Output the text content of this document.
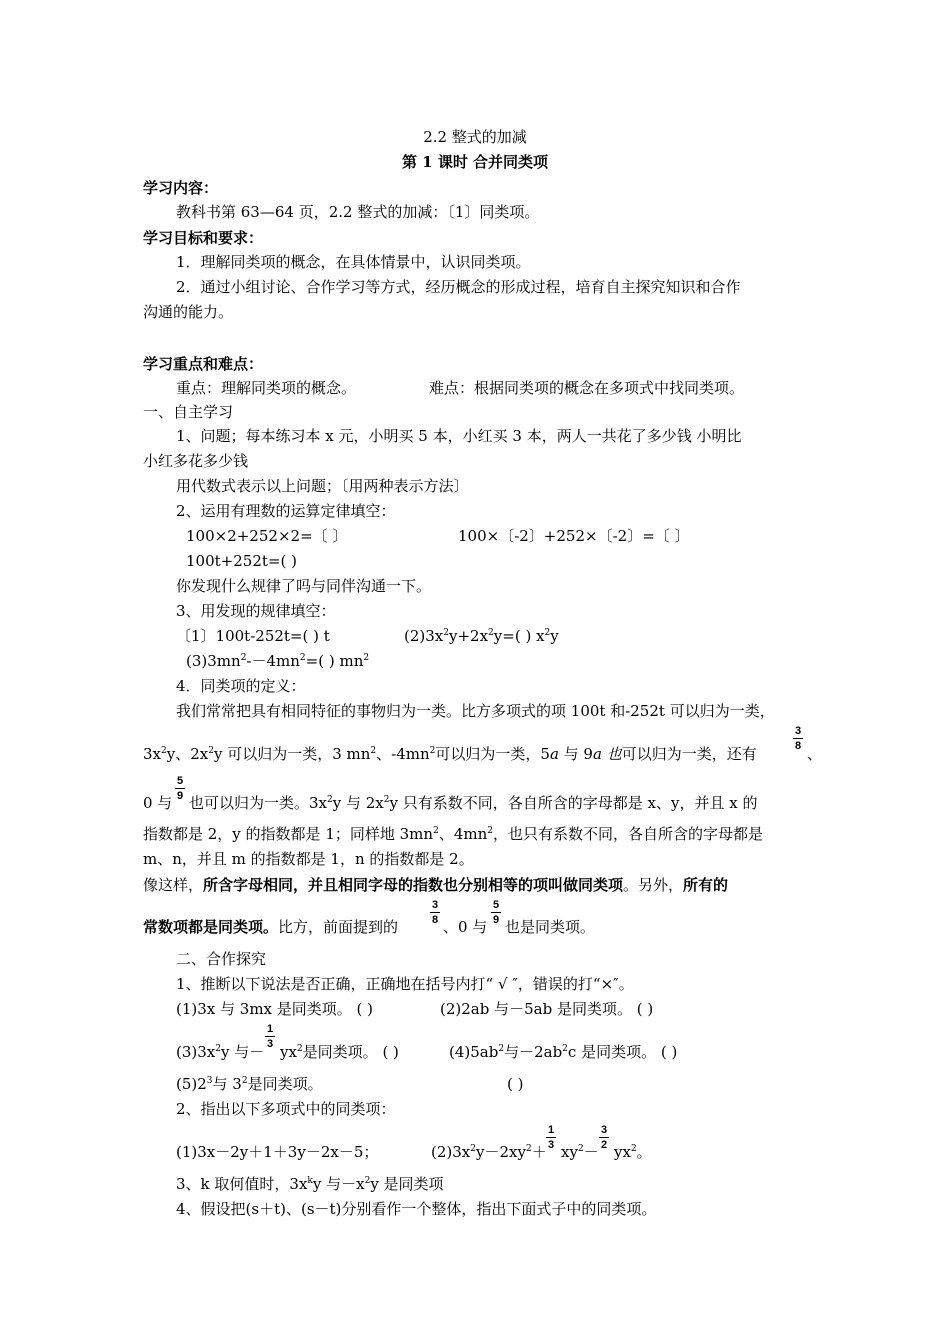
2.2 整式的加减
第 1 课时 合并同类项
学习内容：
教科书第 63—64 页，2.2 整式的加减：〔1〕同类项。
学习目标和要求：
1．理解同类项的概念，在具体情景中，认识同类项。
2．通过小组讨论、合作学习等方式，经历概念的形成过程，培育自主探究知识和合作
沟通的能力。
学习重点和难点：
重点：理解同类项的概念。	难点：根据同类项的概念在多项式中找同类项。
一、自主学习
1、问题；每本练习本 x 元，小明买 5 本，小红买 3 本，两人一共花了多少钱 小明比
小红多花多少钱
用代数式表示以上问题；〔用两种表示方法〕
2、运用有理数的运算定律填空：
100×2+252×2=〔 〕	100×〔-2〕+252×〔-2〕=〔 〕
100t+252t=( )
你发现什么规律了吗与同伴沟通一下。
3、用发现的规律填空：
〔1〕100t-252t=( ) t	$(2)3x^2y+2x^2y=$( ) $x^2y$
$(3)3mn^2--4mn^2=$( ) $mn^2$
4．同类项的定义：
我们常常把具有相同特征的事物归为一类。比方多项式的项 100t 和-252t 可以归为一类，
3
8
$3x^2y$、$2x^2y$ 可以归为一类，3 $mn^2$、$-4mn^2$可以归为一类，5a 与 9a 也可以归为一类，还有	、
5
9
0 与 也可以归为一类。$3x^2y$ 与 $2x^2y$ 只有系数不同，各自所含的字母都是 x、y，并且 x 的
指数都是 2，y 的指数都是 1；同样地 $3mn^2$、$4mn^2$，也只有系数不同，各自所含的字母都是
m、n，并且 m 的指数都是 1，n 的指数都是 2。
像这样，所含字母相同，并且相同字母的指数也分别相等的项叫做同类项。另外，所有的
3
8
5
9
常数项都是同类项。比方，前面提到的	、0 与 也是同类项。
二、合作探究
1、推断以下说法是否正确，正确地在括号内打“ √ ″，错误的打“×″。
(1)3x 与 3mx 是同类项。 ( )	(2)2ab 与－5ab 是同类项。 ( )
1
3
$(3)3x^2y$ 与－ $yx^2$是同类项。 ( )	$(4)5ab^2$与$-2ab^2c$ 是同类项。 ( )
$(5)2^3$与 $3^2$是同类项。	( )
2、指出以下多项式中的同类项：
1
3
3
2
(1)3x－2y＋1＋3y－2x－5；	$(2)3x^2y-2xy^2+ xy^2- yx^2$。
3、k 取何值时，$3x^ky$ 与$-x^2y$ 是同类项
4、假设把(s＋t)、(s－t)分别看作一个整体，指出下面式子中的同类项。
